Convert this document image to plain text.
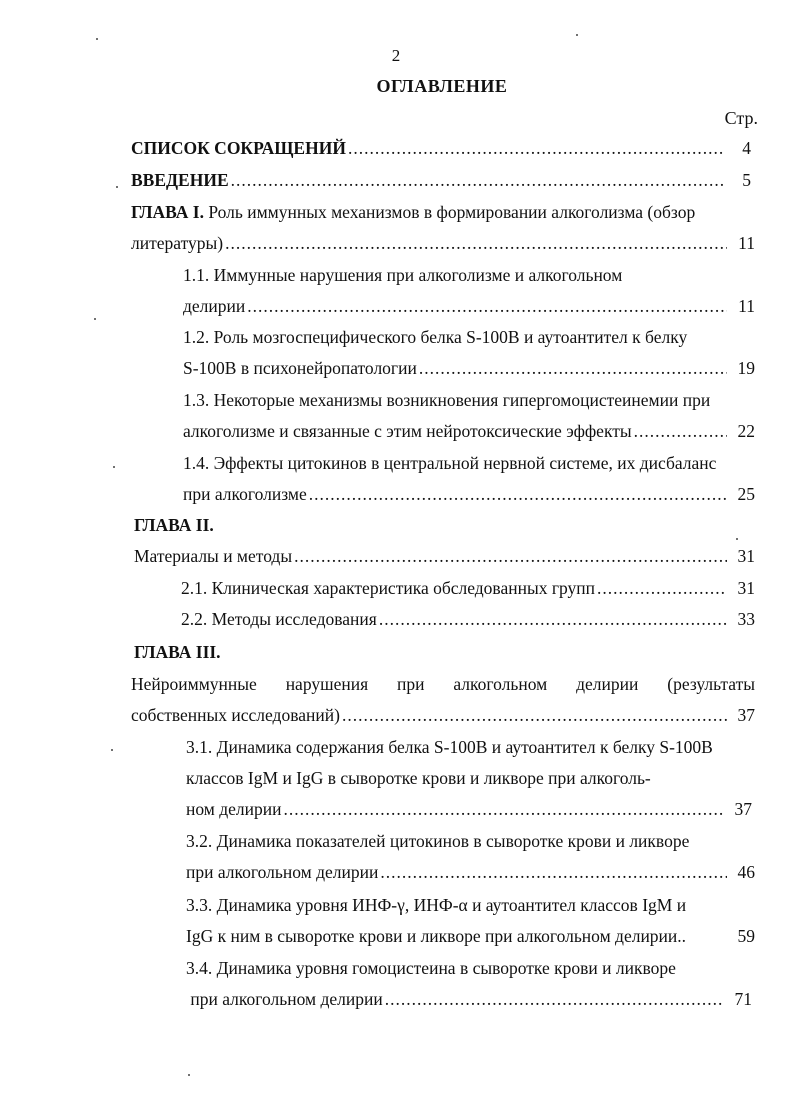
2
ОГЛАВЛЕНИЕ
Стр.
СПИСОК СОКРАЩЕНИЙ .....	4
ВВЕДЕНИЕ .....	5
ГЛАВА I. Роль иммунных механизмов в формировании алкоголизма (обзор
литературы) .....	11
1.1. Иммунные нарушения при алкоголизме и алкогольном
делирии .....	11
1.2. Роль мозгоспецифического белка S-100B и аутоантител к белку
S-100B в психонейропатологии .....	19
1.3. Некоторые механизмы возникновения гипергомоцистеинемии при
алкоголизме и связанные с этим нейротоксические эффекты .....	22
1.4. Эффекты цитокинов в центральной нервной системе, их дисбаланс
при алкоголизме .....	25
ГЛАВА II.
Материалы и методы .....	31
2.1. Клиническая характеристика обследованных групп .....	31
2.2. Методы исследования .....	33
ГЛАВА III.
Нейроиммунные нарушения при алкогольном делирии (результаты
собственных исследований) .....	37
3.1. Динамика содержания белка S-100B и аутоантител к белку S-100B
классов IgM и IgG в сыворотке крови и ликворе при алкоголь-
ном делирии .....	37
3.2. Динамика показателей цитокинов в сыворотке крови и ликворе
при алкогольном делирии .....	46
3.3. Динамика уровня ИНФ-γ, ИНФ-α и аутоантител классов IgM и
IgG к ним в сыворотке крови и ликворе при алкогольном делирии..	59
3.4. Динамика уровня гомоцистеина в сыворотке крови и ликворе
при алкогольном делирии .....	71
